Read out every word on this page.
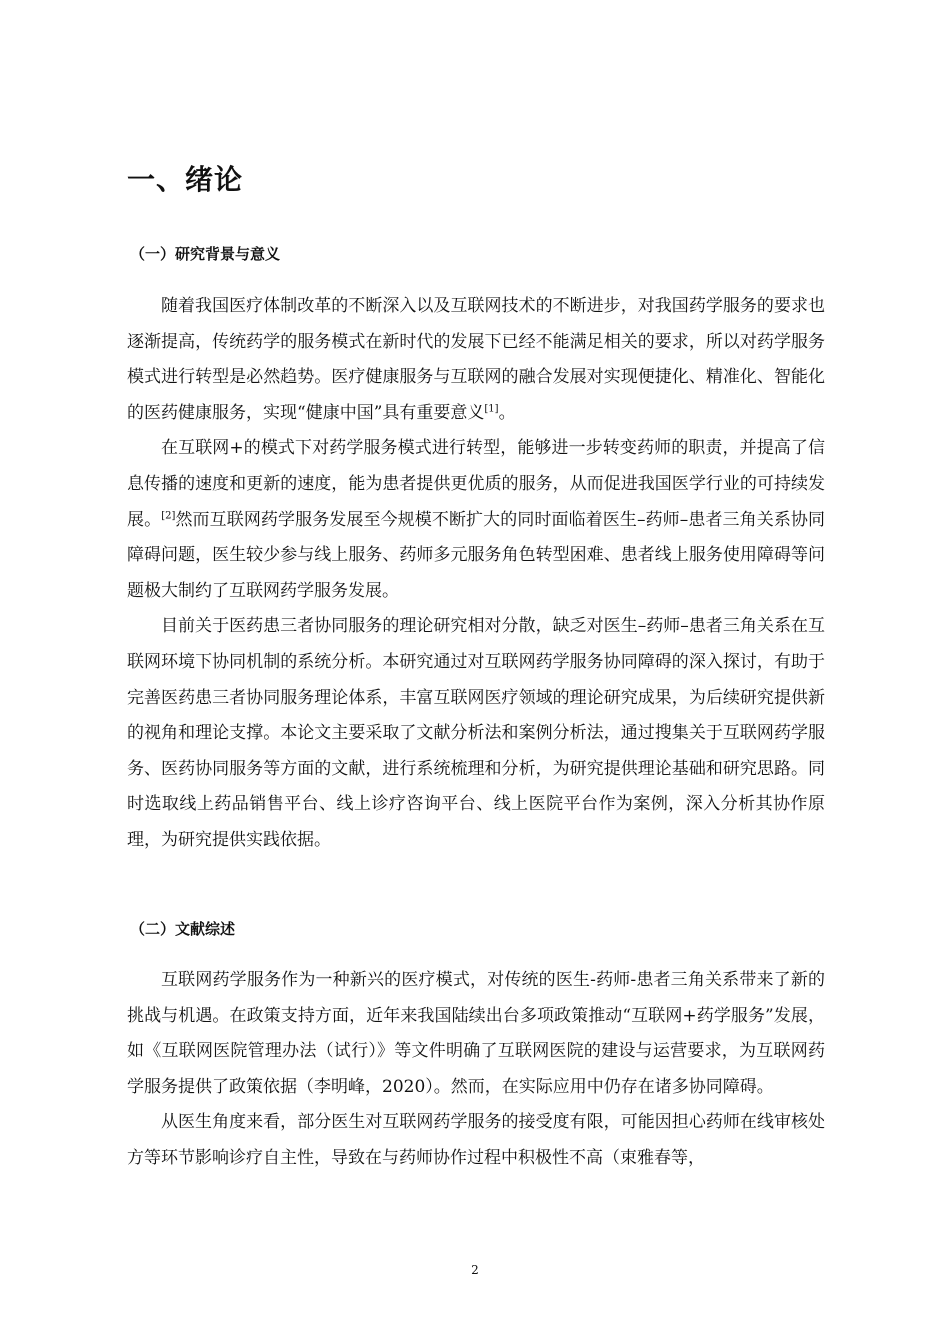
一、绪论
（一）研究背景与意义

随着我国医疗体制改革的不断深入以及互联网技术的不断进步，对我国药学服务的要求也逐渐提高，传统药学的服务模式在新时代的发展下已经不能满足相关的要求，所以对药学服务模式进行转型是必然趋势。医疗健康服务与互联网的融合发展对实现便捷化、精准化、智能化的医药健康服务，实现“健康中国”具有重要意义[1]。

在互联网+的模式下对药学服务模式进行转型，能够进一步转变药师的职责，并提高了信息传播的速度和更新的速度，能为患者提供更优质的服务，从而促进我国医学行业的可持续发展。[2]然而互联网药学服务发展至今规模不断扩大的同时面临着医生–药师–患者三角关系协同障碍问题，医生较少参与线上服务、药师多元服务角色转型困难、患者线上服务使用障碍等问题极大制约了互联网药学服务发展。

目前关于医药患三者协同服务的理论研究相对分散，缺乏对医生–药师–患者三角关系在互联网环境下协同机制的系统分析。本研究通过对互联网药学服务协同障碍的深入探讨，有助于完善医药患三者协同服务理论体系，丰富互联网医疗领域的理论研究成果，为后续研究提供新的视角和理论支撑。本论文主要采取了文献分析法和案例分析法，通过搜集关于互联网药学服务、医药协同服务等方面的文献，进行系统梳理和分析，为研究提供理论基础和研究思路。同时选取线上药品销售平台、线上诊疗咨询平台、线上医院平台作为案例，深入分析其协作原理，为研究提供实践依据。

（二）文献综述

互联网药学服务作为一种新兴的医疗模式，对传统的医生-药师-患者三角关系带来了新的挑战与机遇。在政策支持方面，近年来我国陆续出台多项政策推动“互联网+药学服务”发展，如《互联网医院管理办法（试行）》等文件明确了互联网医院的建设与运营要求，为互联网药学服务提供了政策依据（李明峰，2020）。然而，在实际应用中仍存在诸多协同障碍。

从医生角度来看，部分医生对互联网药学服务的接受度有限，可能因担心药师在线审核处方等环节影响诊疗自主性，导致在与药师协作过程中积极性不高（束雅春等，

2
